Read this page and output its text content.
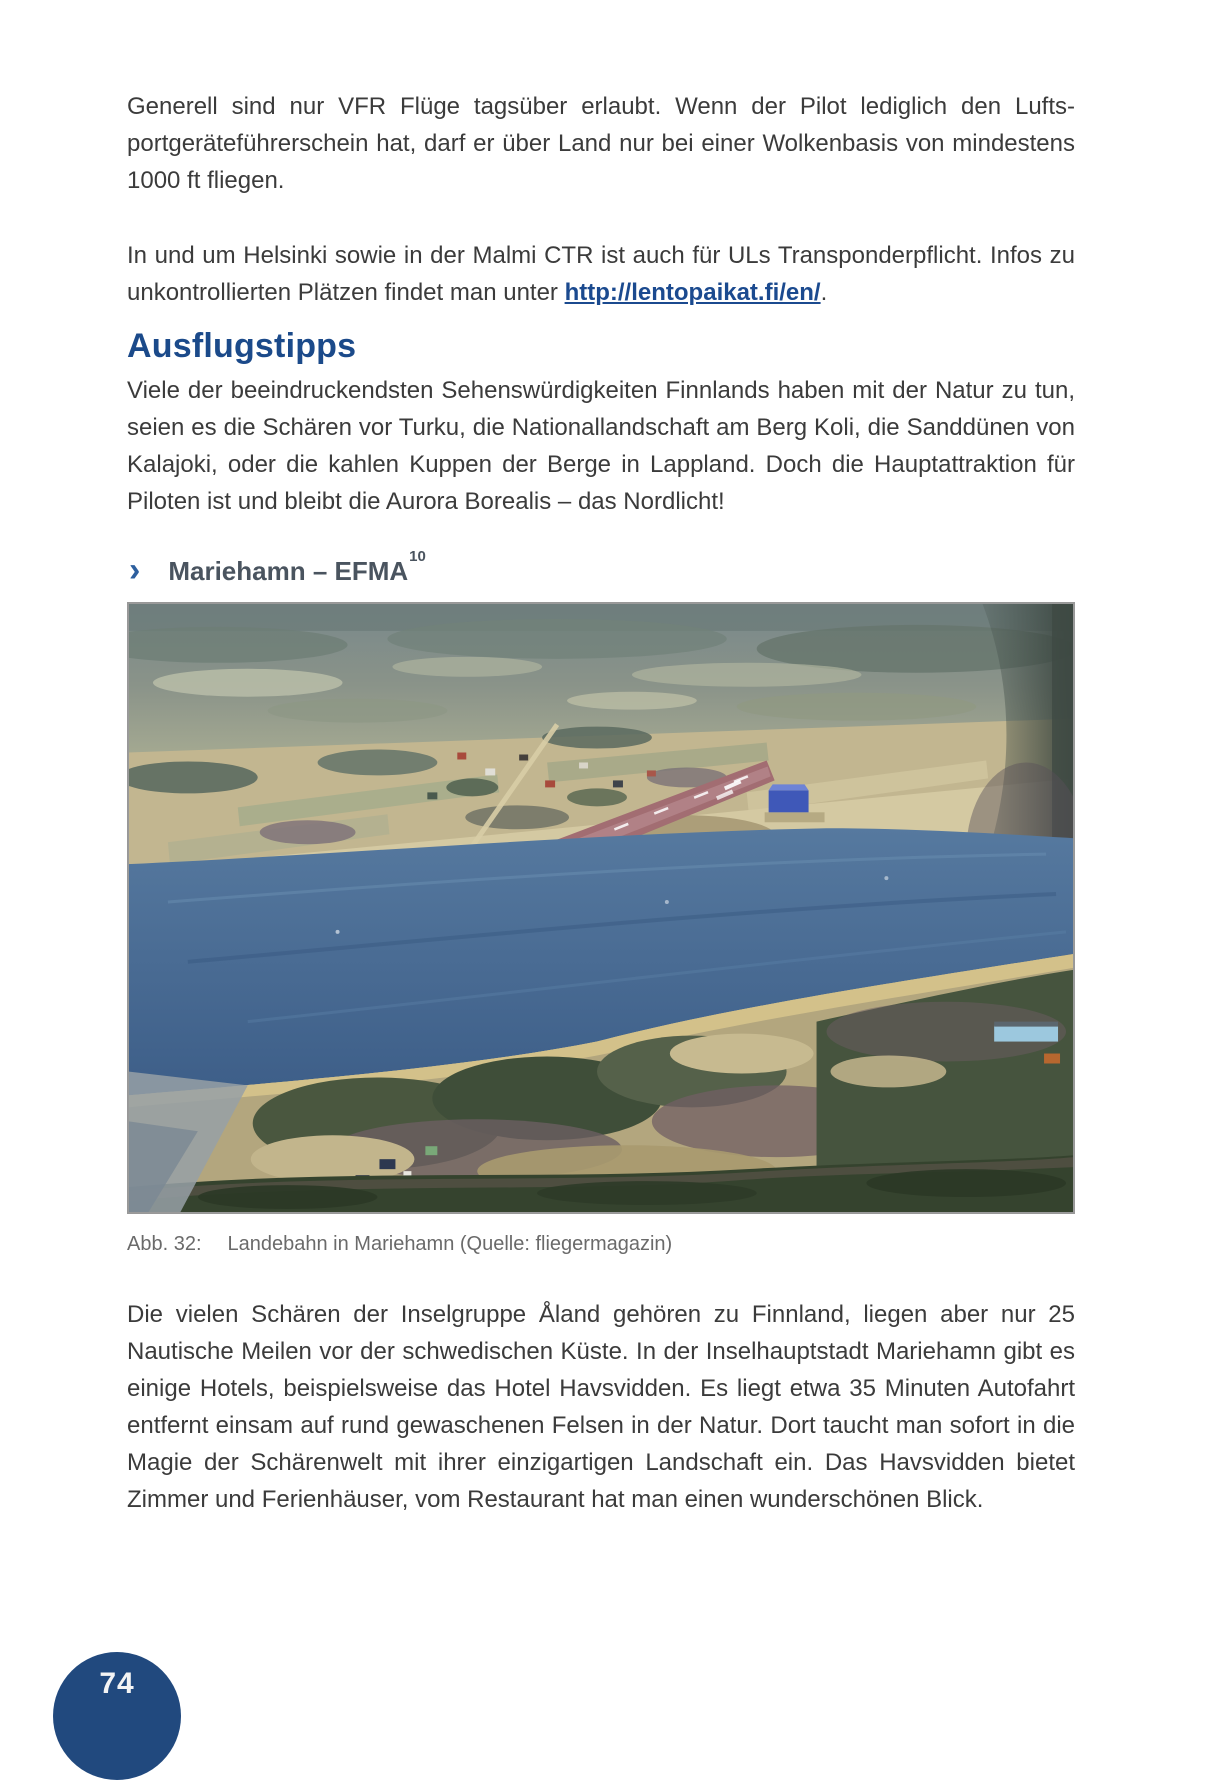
Generell sind nur VFR Flüge tagsüber erlaubt. Wenn der Pilot lediglich den Luftsportgeräteführerschein hat, darf er über Land nur bei einer Wolkenbasis von mindestens 1000 ft fliegen.

In und um Helsinki sowie in der Malmi CTR ist auch für ULs Transponderpflicht. Infos zu unkontrollierten Plätzen findet man unter http://lentopaikat.fi/en/.

Ausflugstipps

Viele der beeindruckendsten Sehenswürdigkeiten Finnlands haben mit der Natur zu tun, seien es die Schären vor Turku, die Nationallandschaft am Berg Koli, die Sanddünen von Kalajoki, oder die kahlen Kuppen der Berge in Lappland. Doch die Hauptattraktion für Piloten ist und bleibt die Aurora Borealis – das Nordlicht!

› Mariehamn – EFMA$^{10}$
Abb. 32: Landebahn in Mariehamn (Quelle: fliegermagazin)

Die vielen Schären der Inselgruppe Åland gehören zu Finnland, liegen aber nur 25 Nautische Meilen vor der schwedischen Küste. In der Inselhauptstadt Mariehamn gibt es einige Hotels, beispielsweise das Hotel Havsvidden. Es liegt etwa 35 Minuten Autofahrt entfernt einsam auf rund gewaschenen Felsen in der Natur. Dort taucht man sofort in die Magie der Schärenwelt mit ihrer einzigartigen Landschaft ein. Das Havsvidden bietet Zimmer und Ferienhäuser, vom Restaurant hat man einen wunderschönen Blick.

74
